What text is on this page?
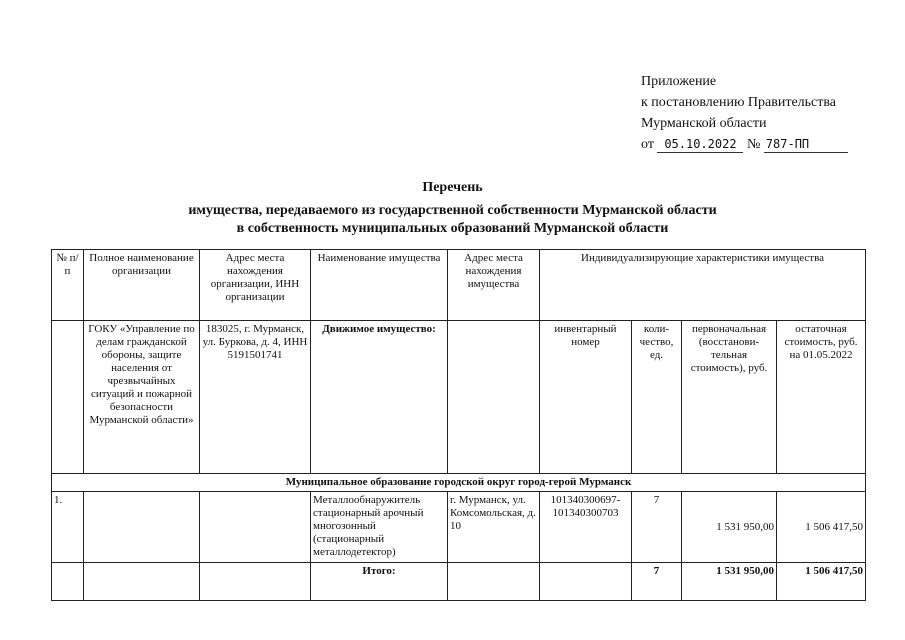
Приложение
к постановлению Правительства
Мурманской области
от 05.10.2022 № 787-ПП
Перечень
имущества, передаваемого из государственной собственности Мурманской области
в собственность муниципальных образований Мурманской области
№ п/п	Полное наименование организации	Адрес места нахождения организации, ИНН организации	Наименование имущества	Адрес места нахождения имущества	Индивидуализирующие характеристики имущества			
	ГОКУ «Управление по делам гражданской обороны, защите населения от чрезвычайных ситуаций и пожарной безопасности Мурманской области»	183025, г. Мурманск, ул. Буркова, д. 4, ИНН 5191501741	Движимое имущество:		инвентарный номер	коли-чество, ед.	первоначальная (восстанови-тельная стоимость), руб.	остаточная стоимость, руб. на 01.05.2022
Муниципальное образование городской округ город-герой Мурманск								
1.			Металлообнаружитель стационарный арочный многозонный (стационарный металлодетектор)	г. Мурманск, ул. Комсомольская, д. 10	101340300697-101340300703	7	1 531 950,00	1 506 417,50
			Итого:			7	1 531 950,00	1 506 417,50
